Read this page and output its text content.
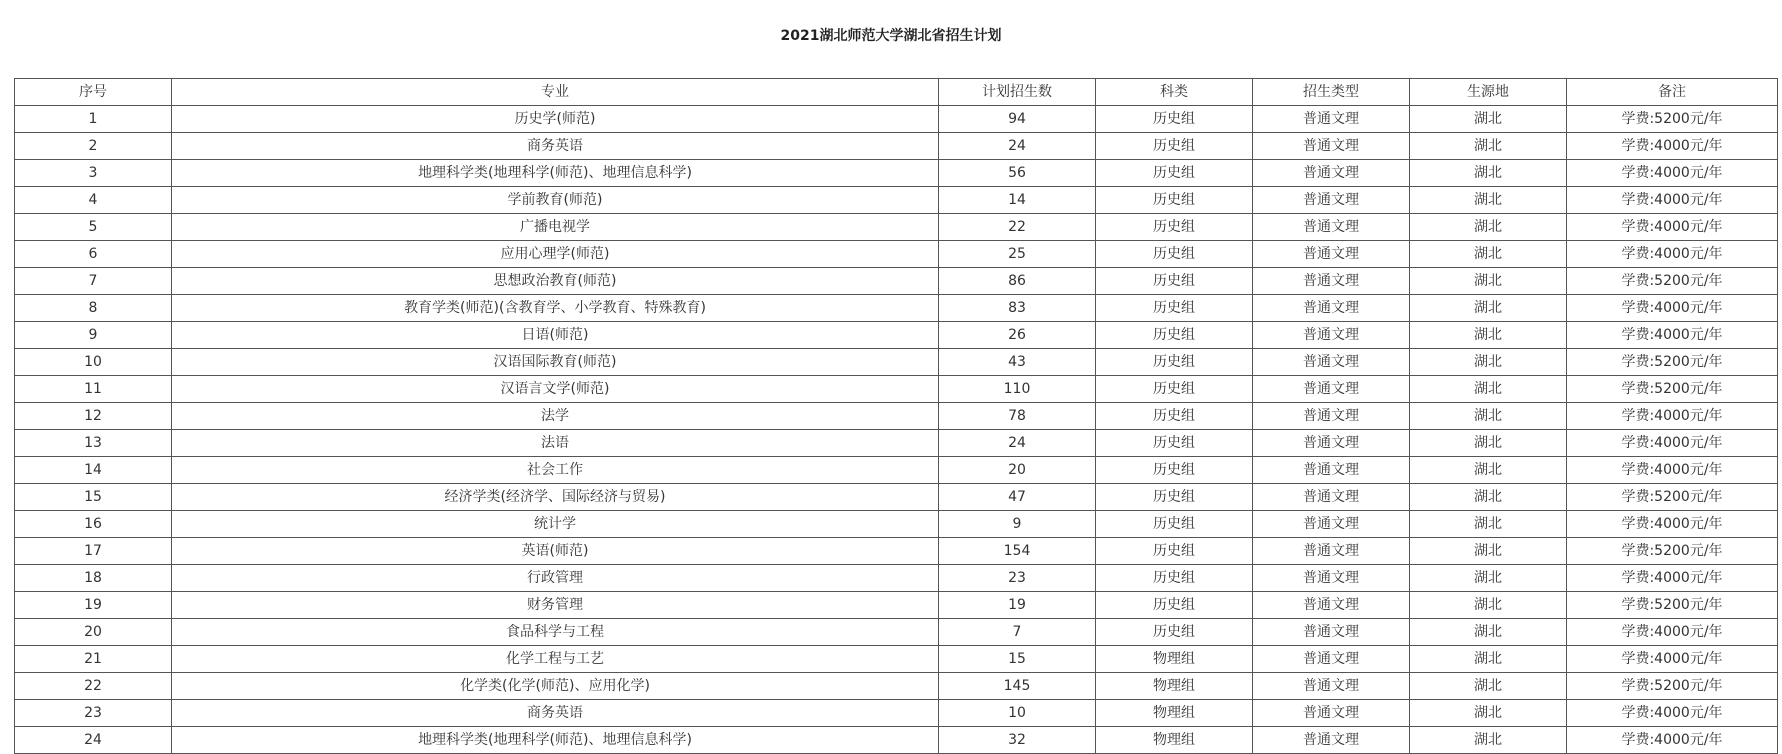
2021湖北师范大学湖北省招生计划
序号	专业	计划招生数	科类	招生类型	生源地	备注
1	历史学(师范)	94	历史组	普通文理	湖北	学费:5200元/年
2	商务英语	24	历史组	普通文理	湖北	学费:4000元/年
3	地理科学类(地理科学(师范)、地理信息科学)	56	历史组	普通文理	湖北	学费:4000元/年
4	学前教育(师范)	14	历史组	普通文理	湖北	学费:4000元/年
5	广播电视学	22	历史组	普通文理	湖北	学费:4000元/年
6	应用心理学(师范)	25	历史组	普通文理	湖北	学费:4000元/年
7	思想政治教育(师范)	86	历史组	普通文理	湖北	学费:5200元/年
8	教育学类(师范)(含教育学、小学教育、特殊教育)	83	历史组	普通文理	湖北	学费:4000元/年
9	日语(师范)	26	历史组	普通文理	湖北	学费:4000元/年
10	汉语国际教育(师范)	43	历史组	普通文理	湖北	学费:5200元/年
11	汉语言文学(师范)	110	历史组	普通文理	湖北	学费:5200元/年
12	法学	78	历史组	普通文理	湖北	学费:4000元/年
13	法语	24	历史组	普通文理	湖北	学费:4000元/年
14	社会工作	20	历史组	普通文理	湖北	学费:4000元/年
15	经济学类(经济学、国际经济与贸易)	47	历史组	普通文理	湖北	学费:5200元/年
16	统计学	9	历史组	普通文理	湖北	学费:4000元/年
17	英语(师范)	154	历史组	普通文理	湖北	学费:5200元/年
18	行政管理	23	历史组	普通文理	湖北	学费:4000元/年
19	财务管理	19	历史组	普通文理	湖北	学费:5200元/年
20	食品科学与工程	7	历史组	普通文理	湖北	学费:4000元/年
21	化学工程与工艺	15	物理组	普通文理	湖北	学费:4000元/年
22	化学类(化学(师范)、应用化学)	145	物理组	普通文理	湖北	学费:5200元/年
23	商务英语	10	物理组	普通文理	湖北	学费:4000元/年
24	地理科学类(地理科学(师范)、地理信息科学)	32	物理组	普通文理	湖北	学费:4000元/年
